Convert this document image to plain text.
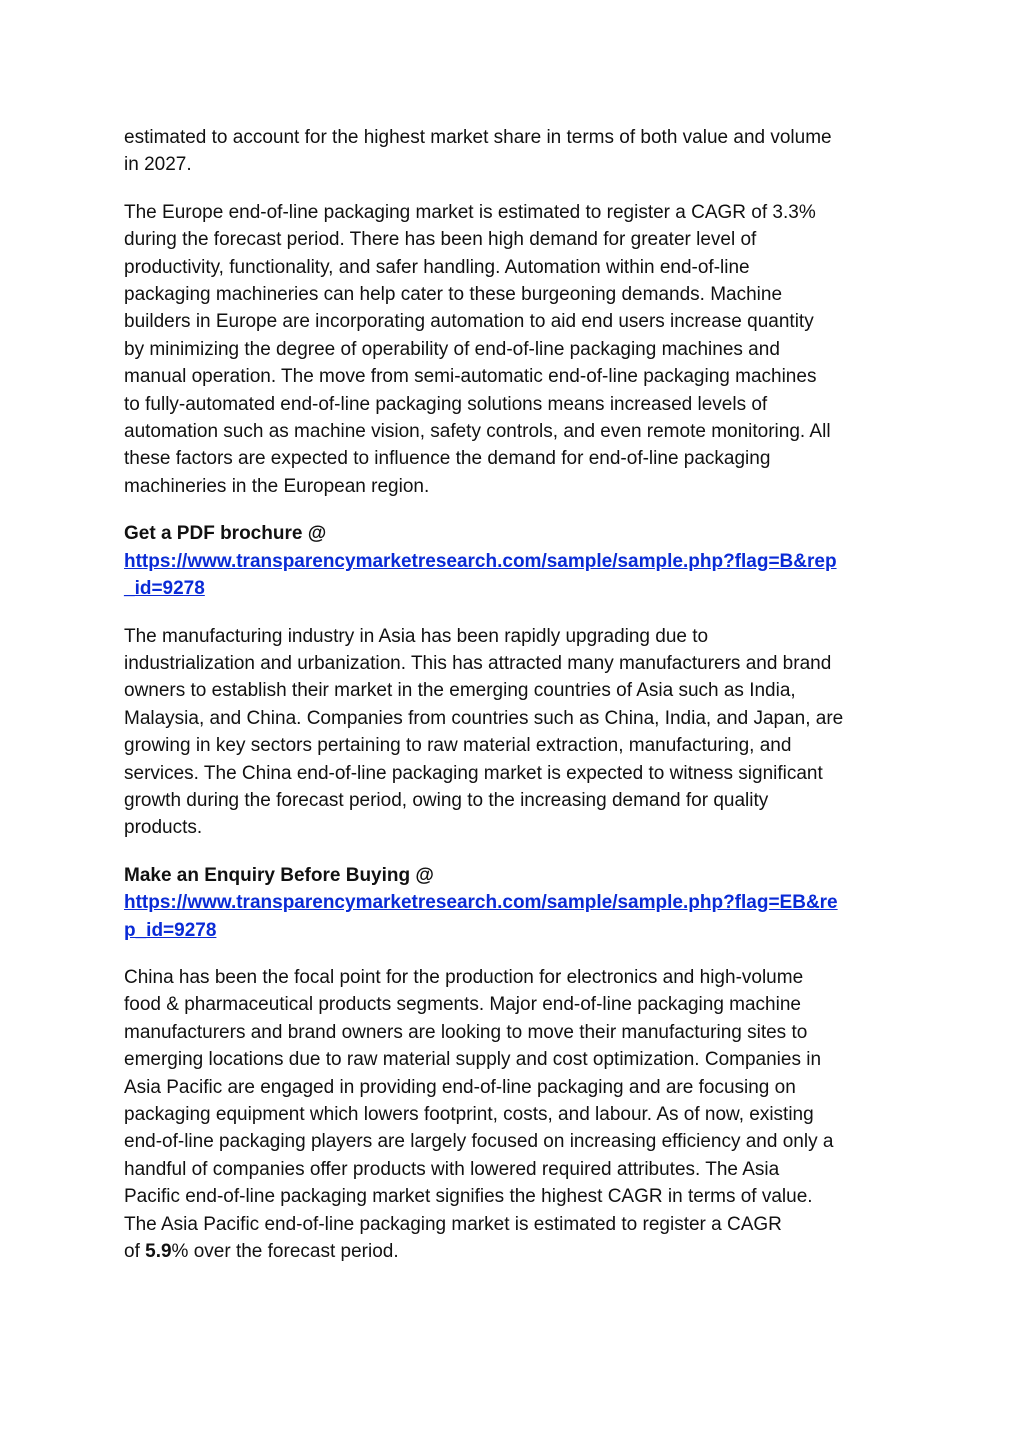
estimated to account for the highest market share in terms of both value and volume
in 2027.

The Europe end-of-line packaging market is estimated to register a CAGR of 3.3%
during the forecast period. There has been high demand for greater level of
productivity, functionality, and safer handling. Automation within end-of-line
packaging machineries can help cater to these burgeoning demands. Machine
builders in Europe are incorporating automation to aid end users increase quantity
by minimizing the degree of operability of end-of-line packaging machines and
manual operation. The move from semi-automatic end-of-line packaging machines
to fully-automated end-of-line packaging solutions means increased levels of
automation such as machine vision, safety controls, and even remote monitoring. All
these factors are expected to influence the demand for end-of-line packaging
machineries in the European region.

Get a PDF brochure @
https://www.transparencymarketresearch.com/sample/sample.php?flag=B&rep
_id=9278

The manufacturing industry in Asia has been rapidly upgrading due to
industrialization and urbanization. This has attracted many manufacturers and brand
owners to establish their market in the emerging countries of Asia such as India,
Malaysia, and China. Companies from countries such as China, India, and Japan, are
growing in key sectors pertaining to raw material extraction, manufacturing, and
services. The China end-of-line packaging market is expected to witness significant
growth during the forecast period, owing to the increasing demand for quality
products.

Make an Enquiry Before Buying @
https://www.transparencymarketresearch.com/sample/sample.php?flag=EB&re
p_id=9278

China has been the focal point for the production for electronics and high-volume
food & pharmaceutical products segments. Major end-of-line packaging machine
manufacturers and brand owners are looking to move their manufacturing sites to
emerging locations due to raw material supply and cost optimization. Companies in
Asia Pacific are engaged in providing end-of-line packaging and are focusing on
packaging equipment which lowers footprint, costs, and labour. As of now, existing
end-of-line packaging players are largely focused on increasing efficiency and only a
handful of companies offer products with lowered required attributes. The Asia
Pacific end-of-line packaging market signifies the highest CAGR in terms of value.
The Asia Pacific end-of-line packaging market is estimated to register a CAGR
of 5.9% over the forecast period.
